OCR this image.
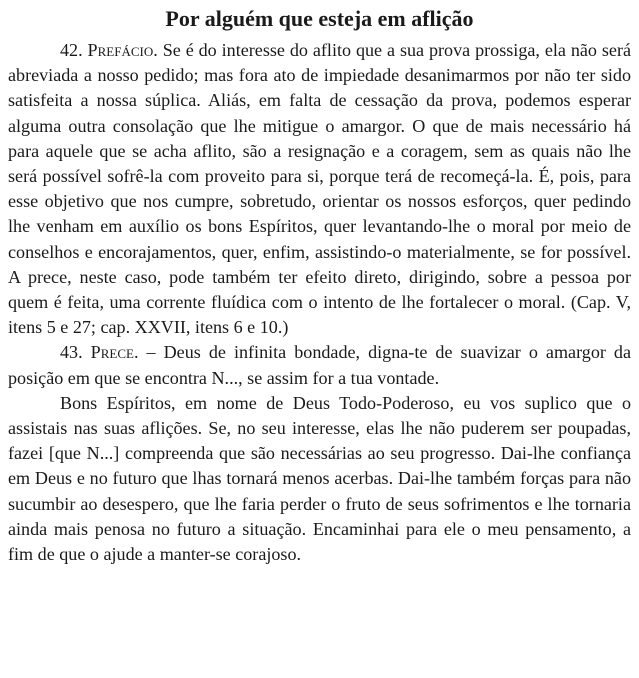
Por alguém que esteja em aflição

42. Prefácio. Se é do interesse do aflito que a sua prova prossiga, ela não será abreviada a nosso pedido; mas fora ato de impiedade desanimarmos por não ter sido satisfeita a nossa súplica. Aliás, em falta de cessação da prova, podemos esperar alguma outra consolação que lhe mitigue o amargor. O que de mais necessário há para aquele que se acha aflito, são a resignação e a coragem, sem as quais não lhe será possível sofrê-la com proveito para si, porque terá de recomeçá-la. É, pois, para esse objetivo que nos cumpre, sobretudo, orientar os nossos esforços, quer pedindo lhe venham em auxílio os bons Espíritos, quer levantando-lhe o moral por meio de conselhos e encorajamentos, quer, enfim, assistindo-o materialmente, se for possível. A prece, neste caso, pode também ter efeito direto, dirigindo, sobre a pessoa por quem é feita, uma corrente fluídica com o intento de lhe fortalecer o moral. (Cap. V, itens 5 e 27; cap. XXVII, itens 6 e 10.)

43. Prece. – Deus de infinita bondade, digna-te de suavizar o amargor da posição em que se encontra N..., se assim for a tua vontade.

Bons Espíritos, em nome de Deus Todo-Poderoso, eu vos suplico que o assistais nas suas aflições. Se, no seu interesse, elas lhe não puderem ser poupadas, fazei [que N...] compreenda que são necessárias ao seu progresso. Dai-lhe confiança em Deus e no futuro que lhas tornará menos acerbas. Dai-lhe também forças para não sucumbir ao desespero, que lhe faria perder o fruto de seus sofrimentos e lhe tornaria ainda mais penosa no futuro a situação. Encaminhai para ele o meu pensamento, a fim de que o ajude a manter-se corajoso.
